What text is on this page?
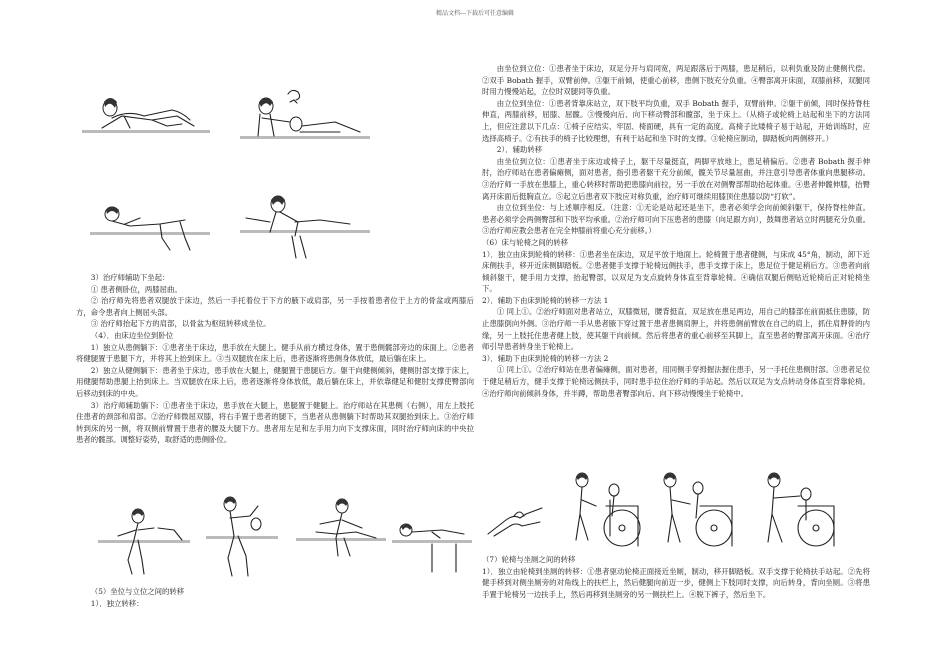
精品文档---下载后可任意编辑

3）治疗师辅助下坐起：

① 患者侧卧位，两膝屈曲。

② 治疗师先将患者双腿放于床边，然后一手托着位于下方的腋下或肩部，另一手按着患者位于上方的骨盆或两膝后方，命令患者向上侧屈头部。

③ 治疗师抬起下方的肩部，以骨盆为枢纽转移成坐位。

（4）．由床边坐位到卧位

1）独立从患侧躺下：①患者坐于床边，患手放在大腿上。健手从前方横过身体，置于患侧髋部旁边的床面上。②患者将健腿置于患腿下方，并将其上抬到床上。③当双腿放在床上后，患者逐渐将患侧身体放低，最后躺在床上。

2）独立从健侧躺下：患者坐于床边，患手放在大腿上，健腿置于患腿后方。躯干向健侧倾斜，健侧肘部支撑于床上，用健腿帮助患腿上抬到床上。当双腿放在床上后，患者逐渐将身体放低，最后躺在床上，并依靠健足和健肘支撑使臀部向后移动到床的中央。

3）治疗师辅助躺下：①患者坐于床边，患手放在大腿上，患腿置于健腿上。治疗师站在其患侧（右侧），用左上肢托住患者的颈部和肩部。②治疗师微屈双膝，将右手置于患者的腿下，当患者从患侧躺下时帮助其双腿抬到床上。③治疗师转到床的另一侧，将双侧前臂置于患者的腰及大腿下方。患者用左足和左手用力向下支撑床面，同时治疗师向床的中央拉患者的髋部。调整好姿势，取舒适的患侧卧位。

（5）坐位与立位之间的转移

1）．独立转移：

由坐位到立位：①患者坐于床边，双足分开与肩同宽，两足跟落后于两膝，患足稍后，以利负重及防止健侧代偿。②双手 Bobath 握手，双臂前伸。③躯干前倾，使重心前移，患侧下肢充分负重。④臀部离开床面，双膝前移，双腿同时用力慢慢站起，立位时双腿同等负重。

由立位到坐位：①患者背靠床站立，双下肢平均负重，双手 Bobath 握手，双臂前伸。②躯干前倾，同时保持脊柱伸直，两膝前移，屈膝、屈髋。③慢慢向后、向下移动臀部和髋部，坐于床上。（从椅子或轮椅上站起和坐下的方法同上，但应注意以下几点：①椅子应结实、牢固、椅面硬，具有一定的高度。高椅子比矮椅子易于站起，开始训练时，应选择高椅子。②有扶手的椅子比较理想，有利于站起和坐下时的支撑。③轮椅应制动，脚踏板向两侧移开。）

2）．辅助转移

由坐位到立位：①患者坐于床边或椅子上，躯干尽量挺直，两脚平放地上，患足稍偏后。②患者 Bobath 握手伸肘，治疗师站在患者偏瘫侧，面对患者，指引患者躯干充分前倾，髋关节尽量屈曲，并注意引导患者体重向患腿移动。③治疗师一手放在患膝上，重心转移时帮助把患膝向前拉，另一手放在对侧臀部帮助抬起体重。④患者伸髋伸膝，抬臀离开床面后挺胸直立。⑤起立后患者双下肢应对称负重，治疗师可继续用膝顶住患膝以防“打软”。

由立位到坐位：与上述顺序相反。（注意：①无论是站起还是坐下，患者必须学会向前倾斜躯干，保持脊柱伸直。患者必须学会两侧臀部和下肢平均承重。②治疗师可向下压患者的患膝（向足跟方向），鼓舞患者站立时两腿充分负重。③治疗师应教会患者在完全伸膝前将重心充分前移。）

（6）床与轮椅之间的转移

1）．独立由床到轮椅的转移：①患者坐在床边，双足平放于地面上。轮椅置于患者健侧，与床成 45°角，制动，卸下近床侧扶手，移开近床侧脚踏板。②患者健手支撑于轮椅远侧扶手，患手支撑于床上，患足位于健足稍后方。③患者向前倾斜躯干，健手用力支撑，抬起臀部，以双足为支点旋转身体直至背靠轮椅。④确信双腿后侧贴近轮椅后正对轮椅坐下。

2）．辅助下由床到轮椅的转移一方法 1

① 同上①。②治疗师面对患者站立，双膝微屈，腰背挺直，双足放在患足两边，用自己的膝部在前面抵住患膝，防止患膝倒向外侧。③治疗师一手从患者腋下穿过置于患者患侧肩胛上，并将患侧前臂放在自己的肩上，抓住肩胛骨的内缘，另一上肢托住患者健上肢，使其躯干向前倾。然后将患者的重心前移至其脚上，直至患者的臀部离开床面。④治疗师引导患者转身坐于轮椅上。

3）．辅助下由床到轮椅的转移一方法 2

① 同上①。②治疗师站在患者偏瘫侧，面对患者，用同侧手穿拇握法握住患手，另一手托住患侧肘部。③患者足位于健足稍后方，健手支撑于轮椅远侧扶手，同时患手拉住治疗师的手站起。然后以双足为支点转动身体直至背靠轮椅。④治疗师向前倾斜身体，并半蹲，帮助患者臀部向后、向下移动慢慢坐于轮椅中。

（7）轮椅与坐厕之间的转移

1）．独立由轮椅到坐厕的转移：①患者驱动轮椅正面接近坐厕，制动，移开脚踏板。双手支撑于轮椅扶手站起。②先将健手移到对侧坐厕旁的对角线上的扶栏上，然后健腿向前迈一步，健侧上下肢同时支撑，向后转身，背向坐厕。③将患手置于轮椅另一边扶手上，然后再移到坐厕旁的另一侧扶栏上。④脱下裤子，然后坐下。
